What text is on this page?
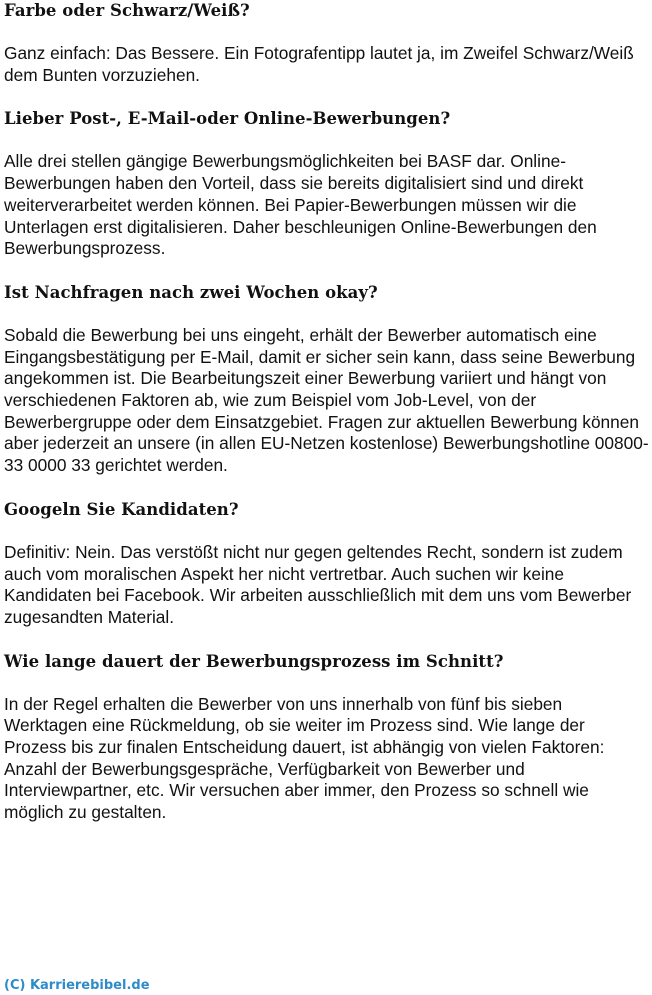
Farbe oder Schwarz/Weiß?

Ganz einfach: Das Bessere. Ein Fotografentipp lautet ja, im Zweifel Schwarz/Weiß dem Bunten vorzuziehen.

Lieber Post-, E-Mail-oder Online-Bewerbungen?

Alle drei stellen gängige Bewerbungsmöglichkeiten bei BASF dar. Online-Bewerbungen haben den Vorteil, dass sie bereits digitalisiert sind und direkt weiterverarbeitet werden können. Bei Papier-Bewerbungen müssen wir die Unterlagen erst digitalisieren. Daher beschleunigen Online-Bewerbungen den Bewerbungsprozess.

Ist Nachfragen nach zwei Wochen okay?

Sobald die Bewerbung bei uns eingeht, erhält der Bewerber automatisch eine Eingangsbestätigung per E-Mail, damit er sicher sein kann, dass seine Bewerbung angekommen ist. Die Bearbeitungszeit einer Bewerbung variiert und hängt von verschiedenen Faktoren ab, wie zum Beispiel vom Job-Level, von der Bewerbergruppe oder dem Einsatzgebiet. Fragen zur aktuellen Bewerbung können aber jederzeit an unsere (in allen EU-Netzen kostenlose) Bewerbungshotline 00800-33 0000 33 gerichtet werden.

Googeln Sie Kandidaten?

Definitiv: Nein. Das verstößt nicht nur gegen geltendes Recht, sondern ist zudem auch vom moralischen Aspekt her nicht vertretbar. Auch suchen wir keine Kandidaten bei Facebook. Wir arbeiten ausschließlich mit dem uns vom Bewerber zugesandten Material.

Wie lange dauert der Bewerbungsprozess im Schnitt?

In der Regel erhalten die Bewerber von uns innerhalb von fünf bis sieben Werktagen eine Rückmeldung, ob sie weiter im Prozess sind. Wie lange der Prozess bis zur finalen Entscheidung dauert, ist abhängig von vielen Faktoren: Anzahl der Bewerbungsgespräche, Verfügbarkeit von Bewerber und Interviewpartner, etc. Wir versuchen aber immer, den Prozess so schnell wie möglich zu gestalten.

(C) Karrierebibel.de
